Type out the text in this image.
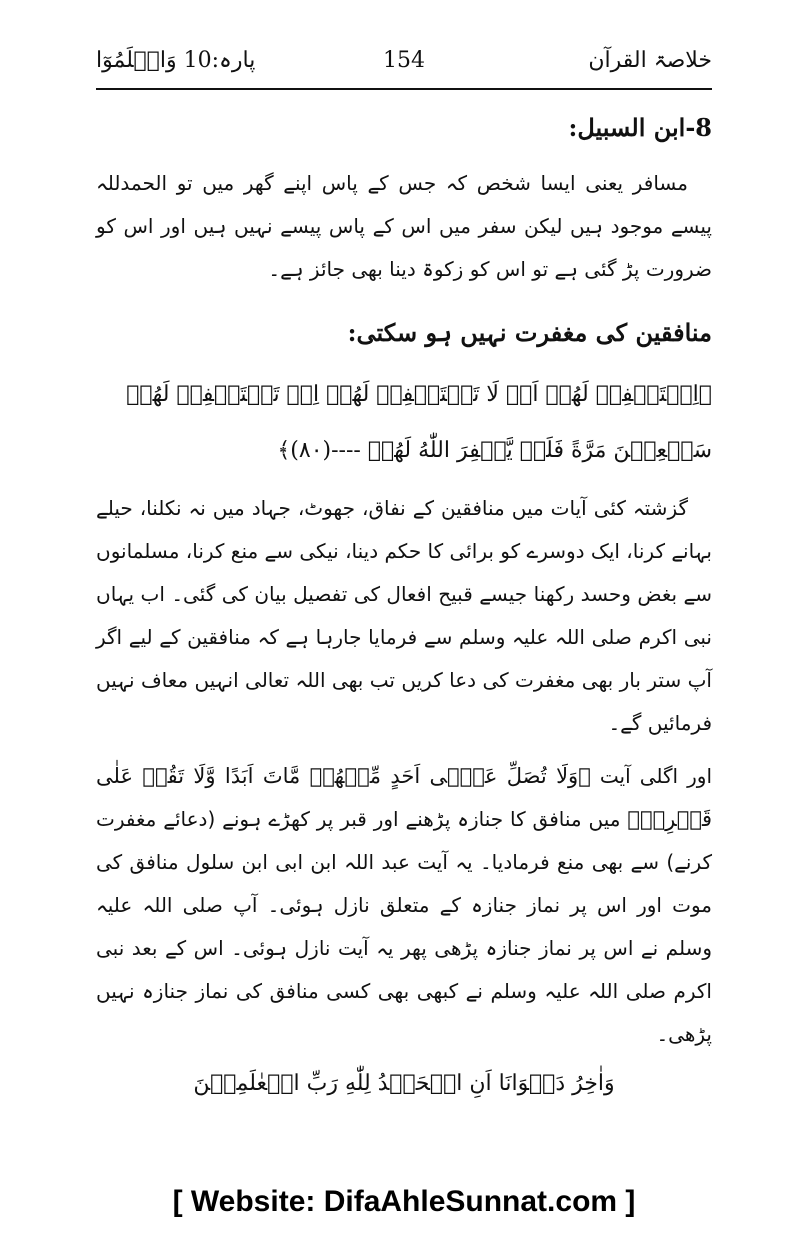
پارہ:10 وَاعۡلَمُوٓا	154	خلاصۃ القرآن
8-ابن السبیل:

مسافر یعنی ایسا شخص کہ جس کے پاس اپنے گھر میں تو الحمدللہ پیسے موجود ہیں لیکن سفر میں اس کے پاس پیسے نہیں ہیں اور اس کو ضرورت پڑ گئی ہے تو اس کو زکوۃ دینا بھی جائز ہے۔

منافقین کی مغفرت نہیں ہو سکتی:
﴿اِسۡتَغۡفِرۡ لَهُمۡ اَوۡ لَا تَسۡتَغۡفِرۡ لَهُمۡ اِنۡ تَسۡتَغۡفِرۡ لَهُمۡ سَبۡعِيۡنَ مَرَّةً فَلَنۡ يَّغۡفِرَ اللّٰهُ لَهُمۡ ----(۸۰)﴾

گزشتہ کئی آیات میں منافقین کے نفاق، جھوٹ، جہاد میں نہ نکلنا، حیلے بہانے کرنا، ایک دوسرے کو برائی کا حکم دینا، نیکی سے منع کرنا، مسلمانوں سے بغض وحسد رکھنا جیسے قبیح افعال کی تفصیل بیان کی گئی۔ اب یہاں نبی اکرم صلی اللہ علیہ وسلم سے فرمایا جارہا ہے کہ منافقین کے لیے اگر آپ ستر بار بھی مغفرت کی دعا کریں تب بھی اللہ تعالی انہیں معاف نہیں فرمائیں گے۔

اور اگلی آیت ﴿وَلَا تُصَلِّ عَلٰۤى اَحَدٍ مِّنۡهُمۡ مَّاتَ اَبَدًا وَّلَا تَقُمۡ عَلٰى قَبۡرِهٖ﴾ میں منافق کا جنازہ پڑھنے اور قبر پر کھڑے ہونے (دعائے مغفرت کرنے) سے بھی منع فرمادیا۔ یہ آیت عبد اللہ ابن ابی ابن سلول منافق کی موت اور اس پر نماز جنازہ کے متعلق نازل ہوئی۔ آپ صلی اللہ علیہ وسلم نے اس پر نماز جنازہ پڑھی پھر یہ آیت نازل ہوئی۔ اس کے بعد نبی اکرم صلی اللہ علیہ وسلم نے کبھی بھی کسی منافق کی نماز جنازہ نہیں پڑھی۔

وَاٰخِرُ دَعۡوَانَا اَنِ الۡحَمۡدُ لِلّٰهِ رَبِّ الۡعٰلَمِيۡنَ
[ Website: DifaAhleSunnat.com ]
